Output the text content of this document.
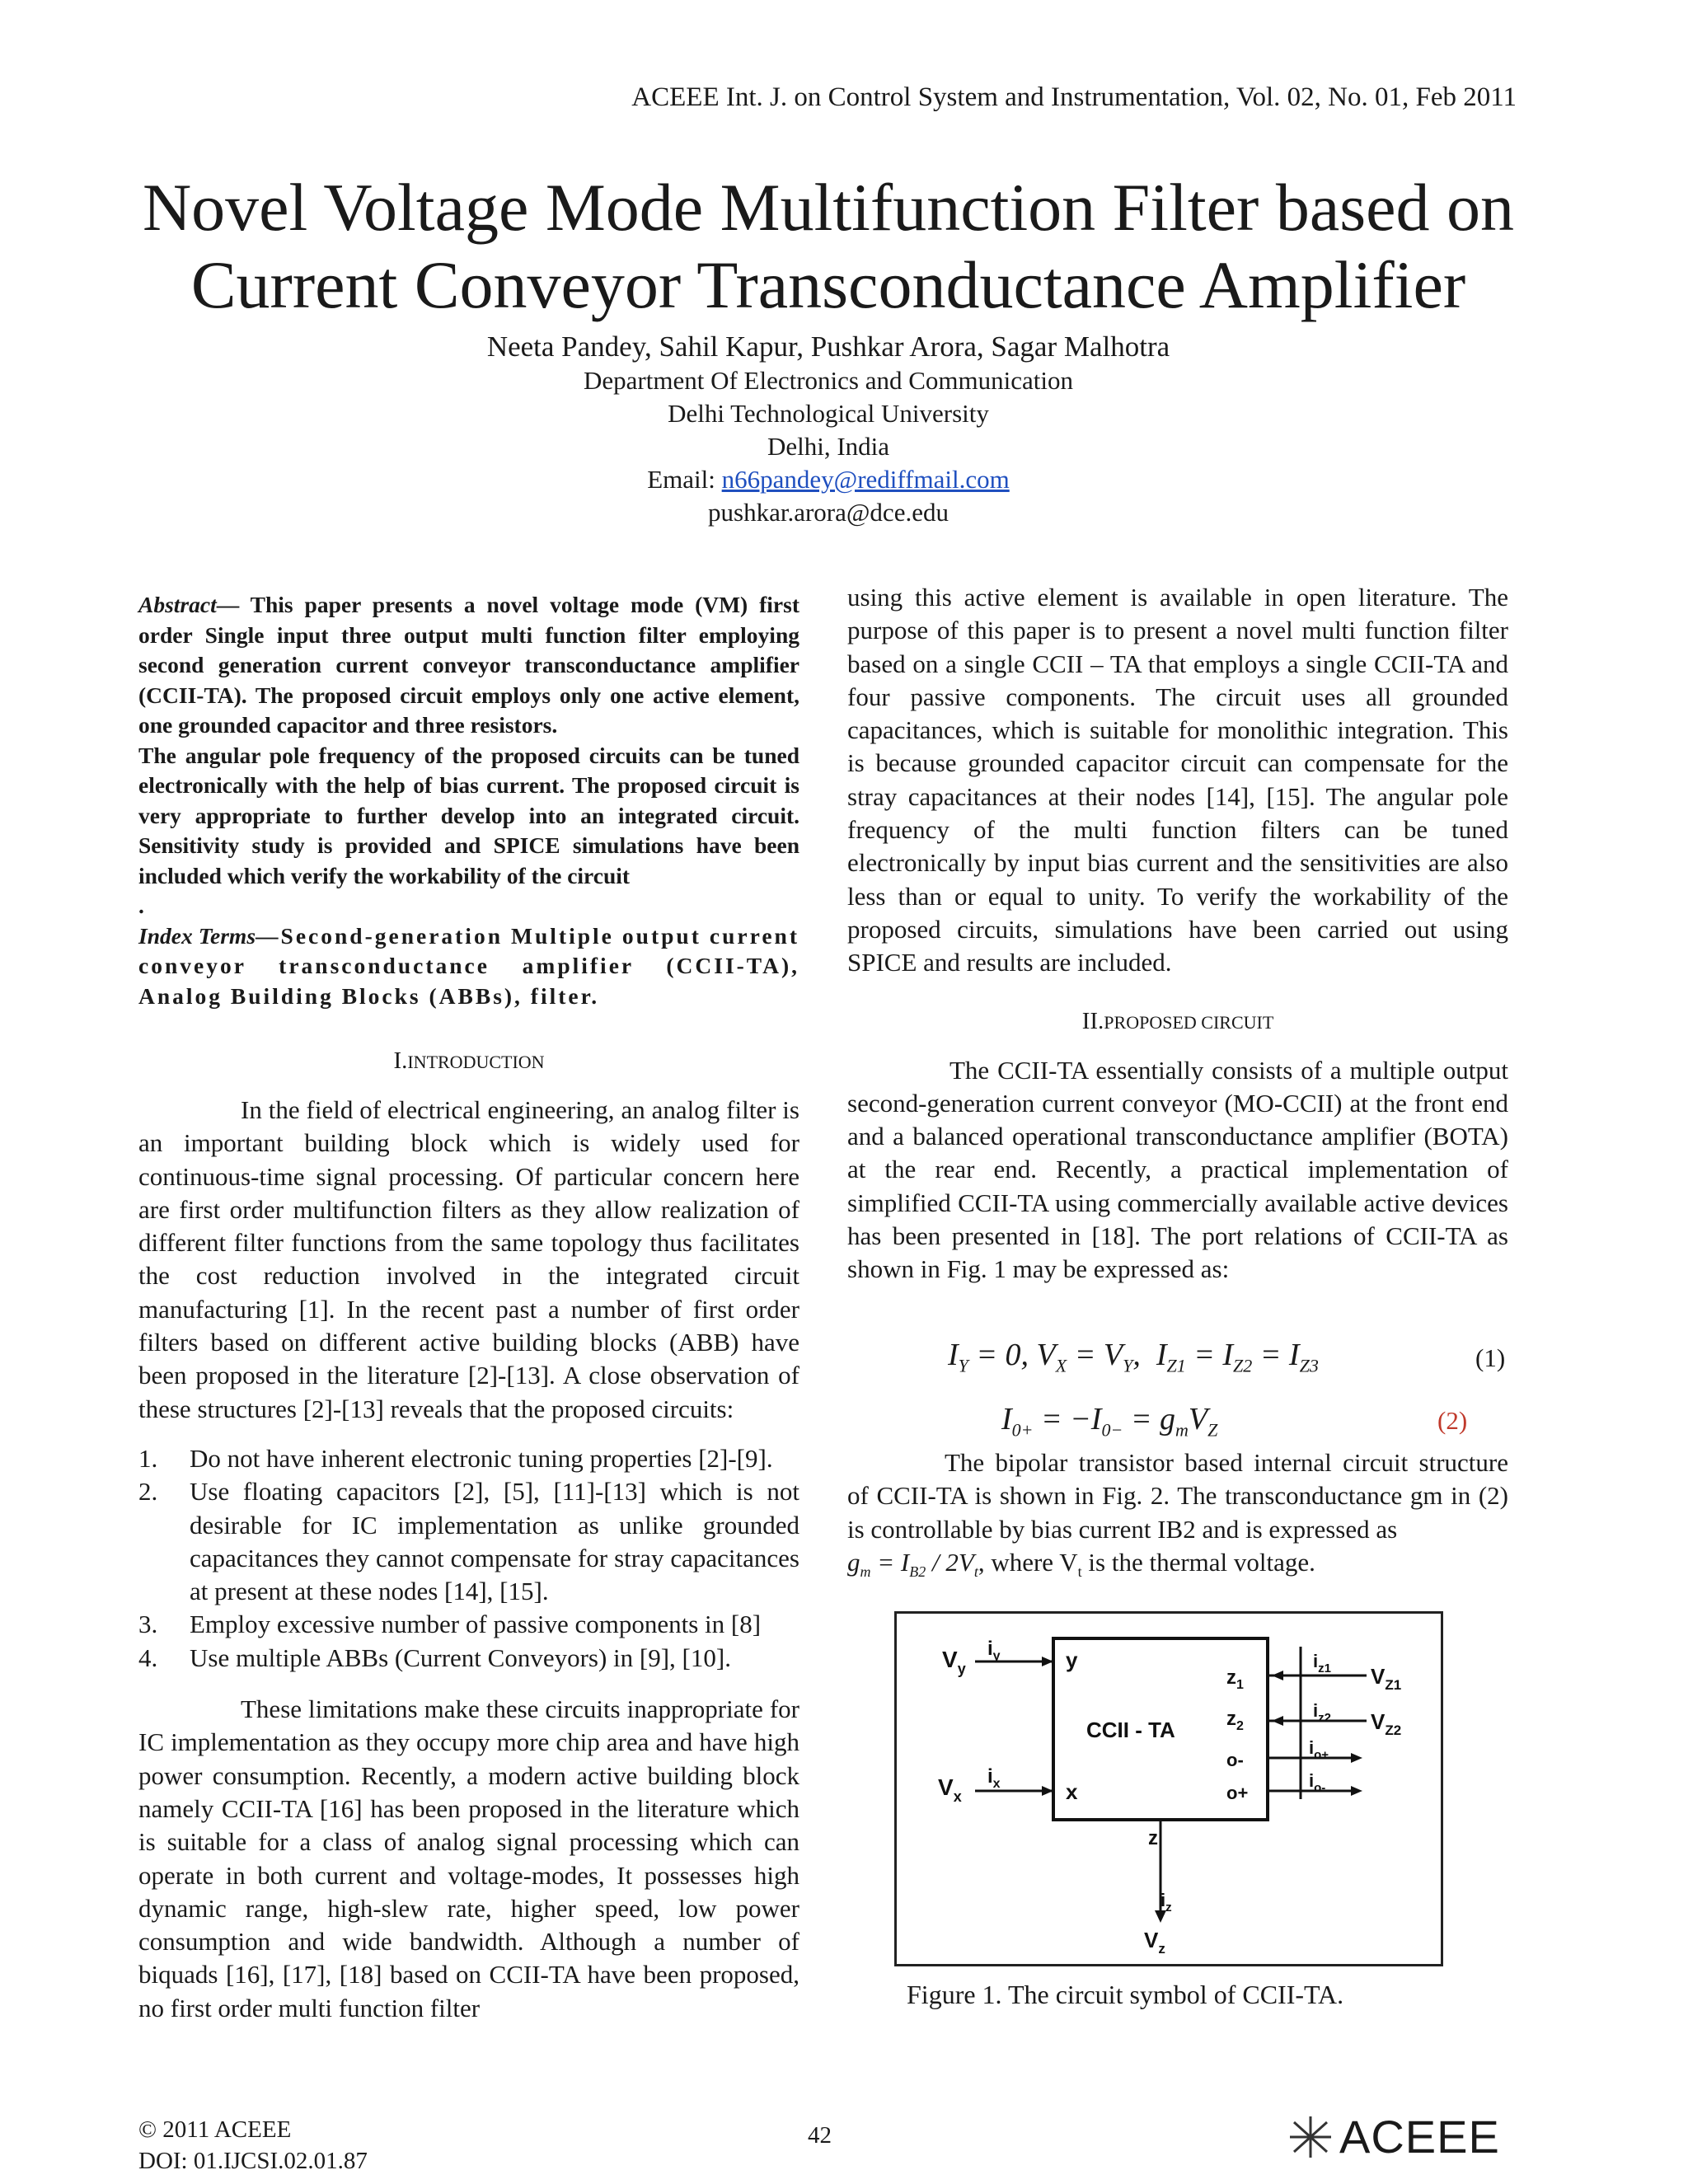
ACEEE Int. J. on Control System and Instrumentation, Vol. 02, No. 01, Feb 2011
Novel Voltage Mode Multifunction Filter based on
Current Conveyor Transconductance Amplifier
Neeta Pandey, Sahil Kapur, Pushkar Arora, Sagar Malhotra
Department Of Electronics and Communication
Delhi Technological University
Delhi, India
Email: n66pandey@rediffmail.com
pushkar.arora@dce.edu

Abstract— This paper presents a novel voltage mode (VM) first order Single input three output multi function filter employing second generation current conveyor transconductance amplifier (CCII-TA). The proposed circuit employs only one active element, one grounded capacitor and three resistors.
The angular pole frequency of the proposed circuits can be tuned electronically with the help of bias current. The proposed circuit is very appropriate to further develop into an integrated circuit. Sensitivity study is provided and SPICE simulations have been included which verify the workability of the circuit
.
Index Terms—Second-generation Multiple output current conveyor transconductance amplifier (CCII-TA), Analog Building Blocks (ABBs), filter.

I.INTRODUCTION

In the field of electrical engineering, an analog filter is an important building block which is widely used for continuous-time signal processing. Of particular concern here are first order multifunction filters as they allow realization of different filter functions from the same topology thus facilitates the cost reduction involved in the integrated circuit manufacturing [1]. In the recent past a number of first order filters based on different active building blocks (ABB) have been proposed in the literature [2]-[13]. A close observation of these structures [2]-[13] reveals that the proposed circuits:

1. Do not have inherent electronic tuning properties [2]-[9].
2. Use floating capacitors [2], [5], [11]-[13] which is not desirable for IC implementation as unlike grounded capacitances they cannot compensate for stray capacitances at present at these nodes [14], [15].
3. Employ excessive number of passive components in [8]
4. Use multiple ABBs (Current Conveyors) in [9], [10].

These limitations make these circuits inappropriate for IC implementation as they occupy more chip area and have high power consumption. Recently, a modern active building block namely CCII-TA [16] has been proposed in the literature which is suitable for a class of analog signal processing which can operate in both current and voltage-modes, It possesses high dynamic range, high-slew rate, higher speed, low power consumption and wide bandwidth. Although a number of biquads [16], [17], [18] based on CCII-TA have been proposed, no first order multi function filter

using this active element is available in open literature. The purpose of this paper is to present a novel multi function filter based on a single CCII – TA that employs a single CCII-TA and four passive components. The circuit uses all grounded capacitances, which is suitable for monolithic integration. This is because grounded capacitor circuit can compensate for the stray capacitances at their nodes [14], [15]. The angular pole frequency of the multi function filters can be tuned electronically by input bias current and the sensitivities are also less than or equal to unity. To verify the workability of the proposed circuits, simulations have been carried out using SPICE and results are included.

II.PROPOSED CIRCUIT

The CCII-TA essentially consists of a multiple output second-generation current conveyor (MO-CCII) at the front end and a balanced operational transconductance amplifier (BOTA) at the rear end. Recently, a practical implementation of simplified CCII-TA using commercially available active devices has been presented in [18]. The port relations of CCII-TA as shown in Fig. 1 may be expressed as:

$I_Y = 0$, $V_X = V_Y$,  $I_{Z1} = I_{Z2} = I_{Z3}$	(1)
$I_{0+} = -I_{0-} = g_mV_Z$	(2)

The bipolar transistor based internal circuit structure of CCII-TA is shown in Fig. 2. The transconductance gm in (2) is controllable by bias current IB2 and is expressed as
$g_m = I_{B2} / 2V_t$, where $V_t$ is the thermal voltage.

CCII - TA
$V_y$
$i_y$	y
$V_x$
$i_x$	x
$z_1$
$z_2$
o-
o+
$i_{z1}$
$i_{z2}$
$i_{o+}$
$i_{o-}$
$V_{Z1}$
$V_{Z2}$
z
$i_z$
$V_z$
Figure 1. The circuit symbol of CCII-TA.
© 2011 ACEEE
DOI: 01.IJCSI.02.01.87
42	ACEEE
